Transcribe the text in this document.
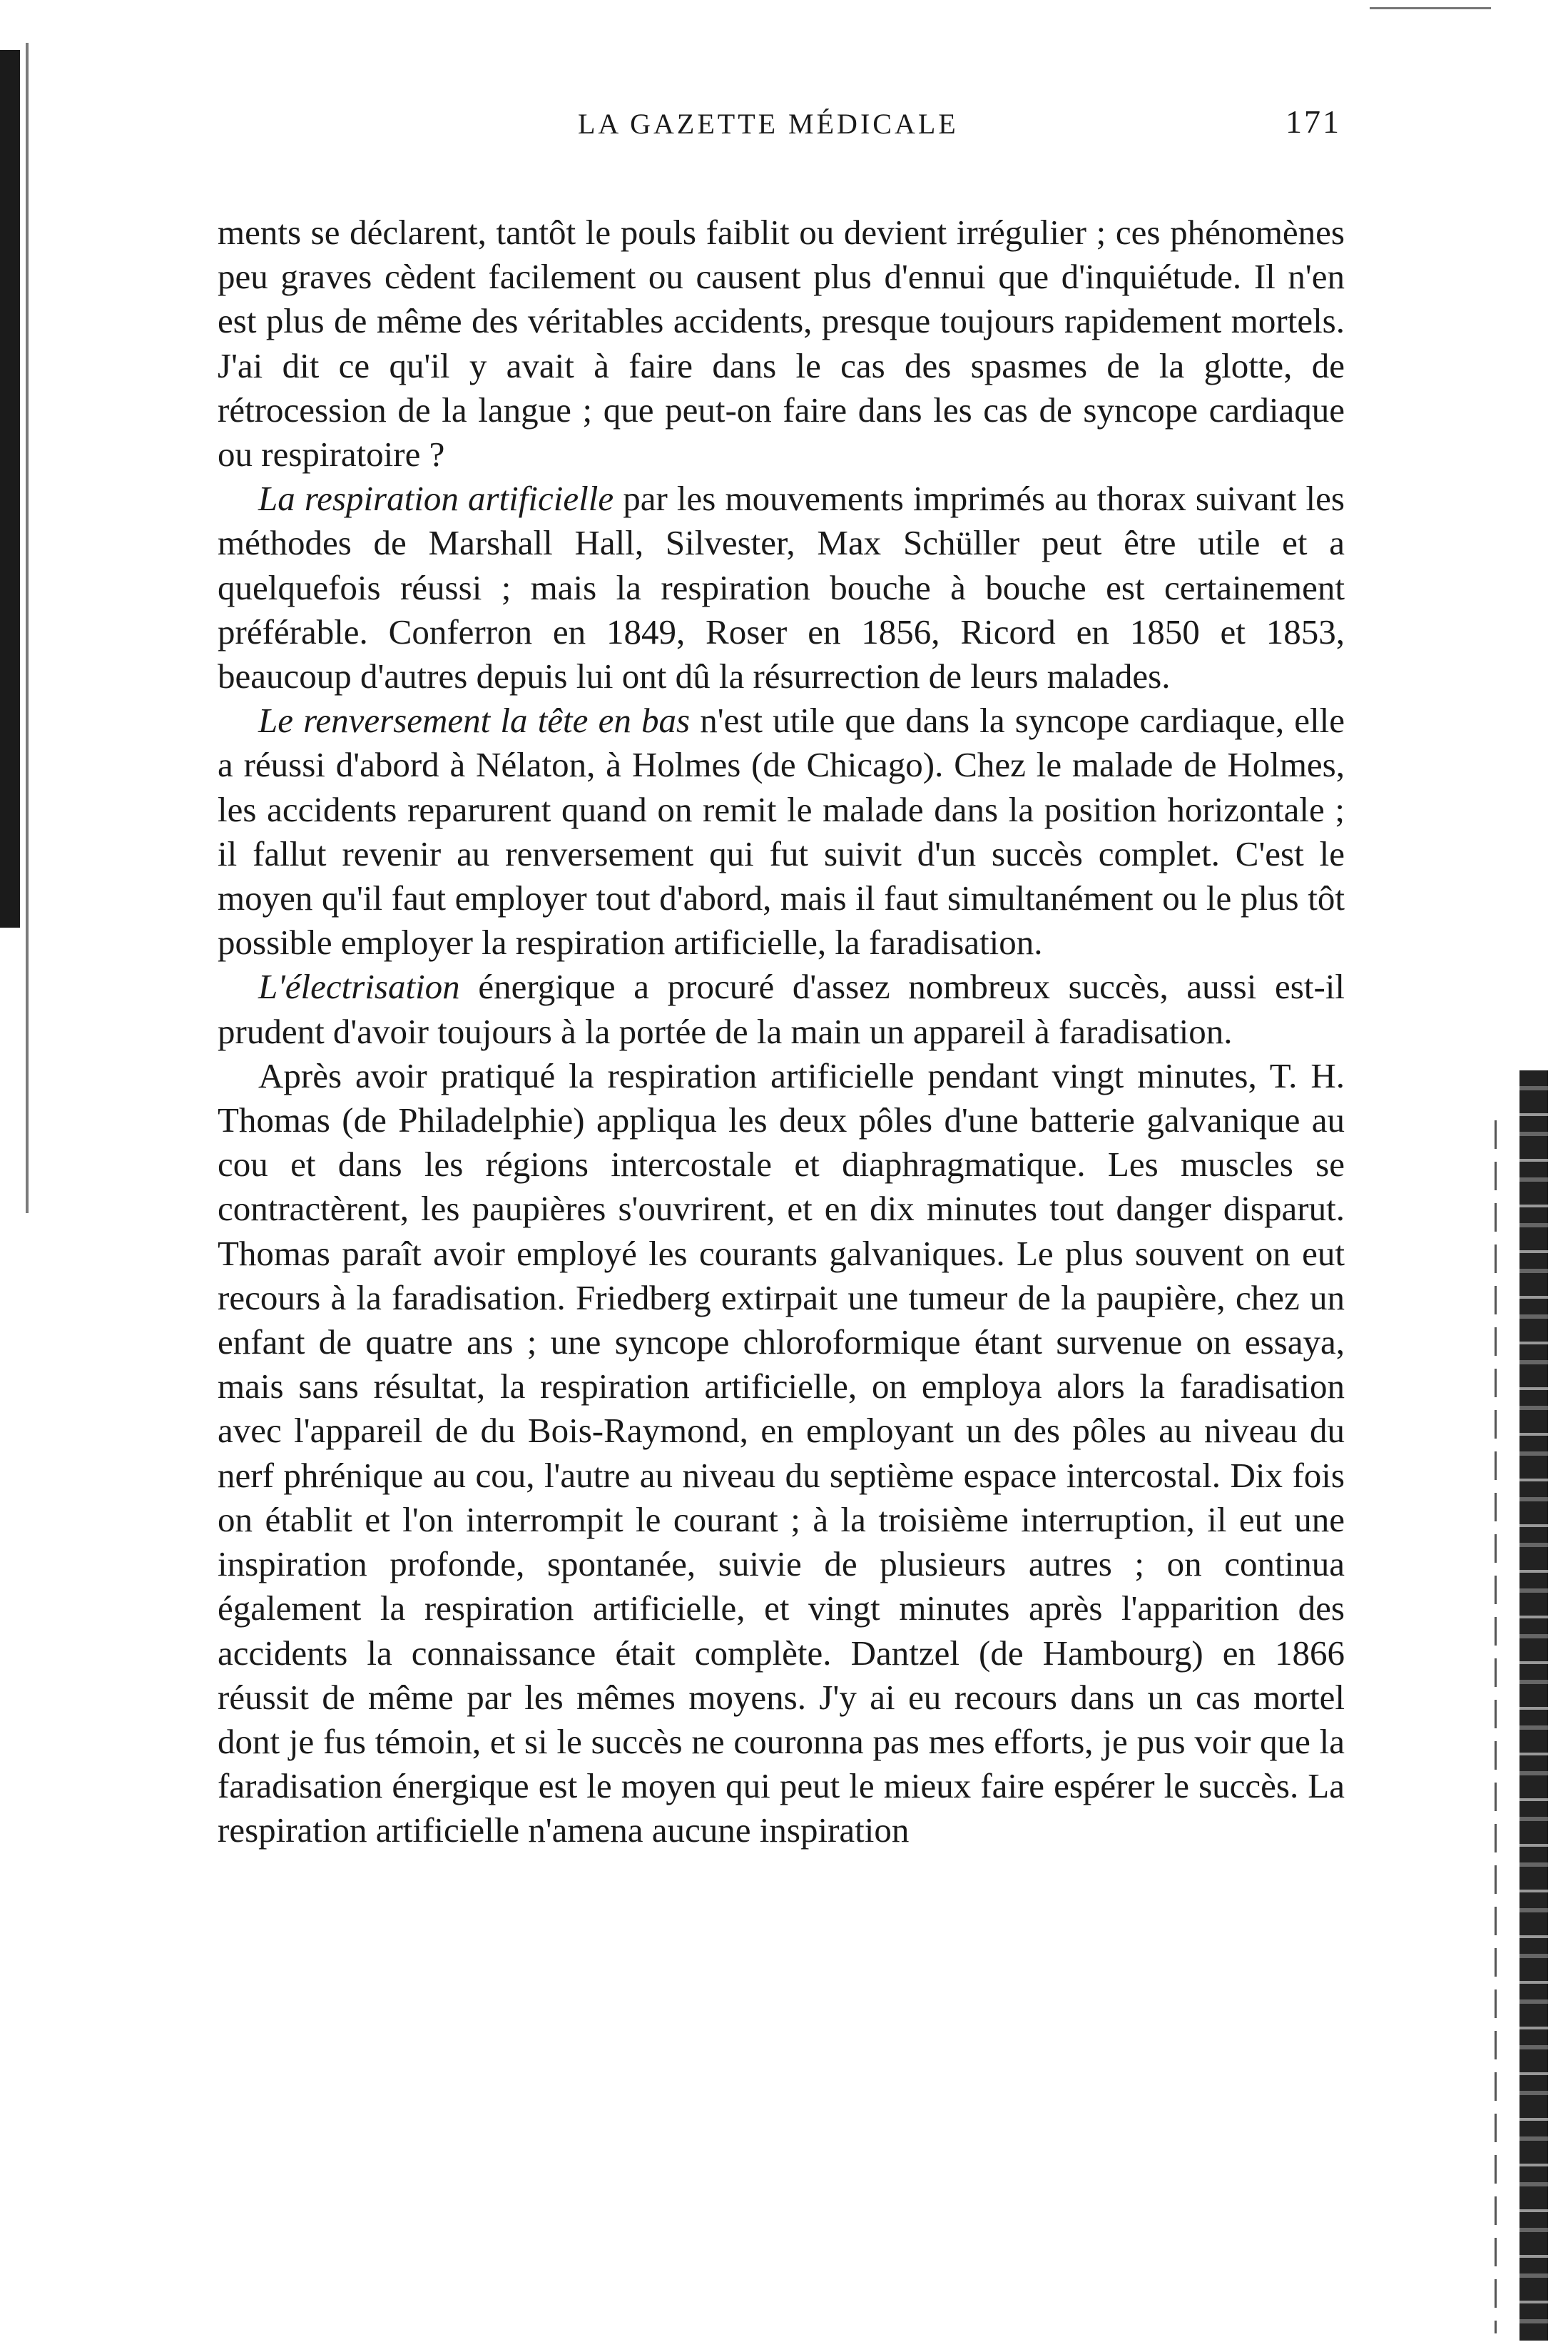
LA GAZETTE MÉDICALE	171

ments se déclarent, tantôt le pouls faiblit ou devient irrégulier ; ces phénomènes peu graves cèdent facilement ou causent plus d'ennui que d'inquiétude. Il n'en est plus de même des véritables accidents, presque toujours rapidement mortels. J'ai dit ce qu'il y avait à faire dans le cas des spasmes de la glotte, de rétrocession de la langue ; que peut-on faire dans les cas de syncope cardiaque ou respiratoire ?

La respiration artificielle par les mouvements imprimés au thorax suivant les méthodes de Marshall Hall, Silvester, Max Schüller peut être utile et a quelquefois réussi ; mais la respiration bouche à bouche est certainement préférable. Conferron en 1849, Roser en 1856, Ricord en 1850 et 1853, beaucoup d'autres depuis lui ont dû la résurrection de leurs malades.

Le renversement la tête en bas n'est utile que dans la syncope cardiaque, elle a réussi d'abord à Nélaton, à Holmes (de Chicago). Chez le malade de Holmes, les accidents reparurent quand on remit le malade dans la position horizontale ; il fallut revenir au renversement qui fut suivit d'un succès complet. C'est le moyen qu'il faut employer tout d'abord, mais il faut simultanément ou le plus tôt possible employer la respiration artificielle, la faradisation.

L'électrisation énergique a procuré d'assez nombreux succès, aussi est-il prudent d'avoir toujours à la portée de la main un appareil à faradisation.

Après avoir pratiqué la respiration artificielle pendant vingt minutes, T. H. Thomas (de Philadelphie) appliqua les deux pôles d'une batterie galvanique au cou et dans les régions intercostale et diaphragmatique. Les muscles se contractèrent, les paupières s'ouvrirent, et en dix minutes tout danger disparut. Thomas paraît avoir employé les courants galvaniques. Le plus souvent on eut recours à la faradisation. Friedberg extirpait une tumeur de la paupière, chez un enfant de quatre ans ; une syncope chloroformique étant survenue on essaya, mais sans résultat, la respiration artificielle, on employa alors la faradisation avec l'appareil de du Bois-Raymond, en employant un des pôles au niveau du nerf phrénique au cou, l'autre au niveau du septième espace intercostal. Dix fois on établit et l'on interrompit le courant ; à la troisième interruption, il eut une inspiration profonde, spontanée, suivie de plusieurs autres ; on continua également la respiration artificielle, et vingt minutes après l'apparition des accidents la connaissance était complète. Dantzel (de Hambourg) en 1866 réussit de même par les mêmes moyens. J'y ai eu recours dans un cas mortel dont je fus témoin, et si le succès ne couronna pas mes efforts, je pus voir que la faradisation énergique est le moyen qui peut le mieux faire espérer le succès. La respiration artificielle n'amena aucune inspiration
